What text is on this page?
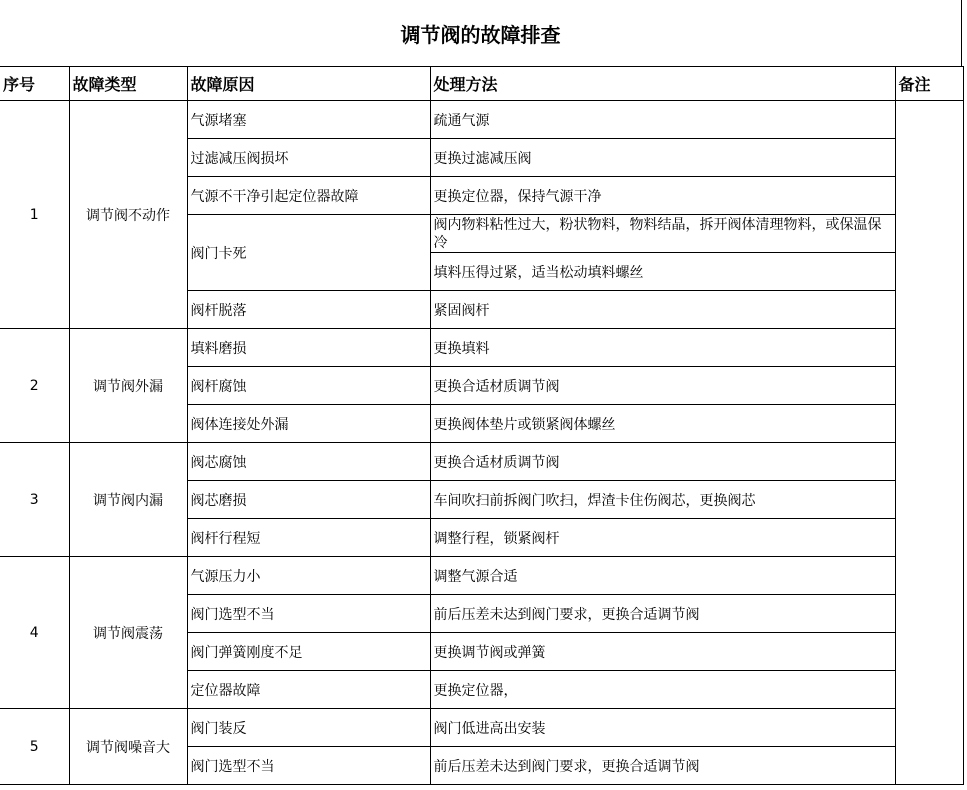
调节阀的故障排查
序号	故障类型	故障原因	处理方法	备注
1	调节阀不动作	气源堵塞	疏通气源	
		过滤减压阀损坏	更换过滤减压阀	
		气源不干净引起定位器故障	更换定位器，保持气源干净	
		阀门卡死	阀内物料粘性过大，粉状物料，物料结晶，拆开阀体清理物料，或保温保冷	
			填料压得过紧，适当松动填料螺丝	
		阀杆脱落	紧固阀杆	
2	调节阀外漏	填料磨损	更换填料	
		阀杆腐蚀	更换合适材质调节阀	
		阀体连接处外漏	更换阀体垫片或锁紧阀体螺丝	
3	调节阀内漏	阀芯腐蚀	更换合适材质调节阀	
		阀芯磨损	车间吹扫前拆阀门吹扫，焊渣卡住伤阀芯，更换阀芯	
		阀杆行程短	调整行程，锁紧阀杆	
4	调节阀震荡	气源压力小	调整气源合适	
		阀门选型不当	前后压差未达到阀门要求，更换合适调节阀	
		阀门弹簧刚度不足	更换调节阀或弹簧	
		定位器故障	更换定位器，	
5	调节阀噪音大	阀门装反	阀门低进高出安装	
		阀门选型不当	前后压差未达到阀门要求，更换合适调节阀	
